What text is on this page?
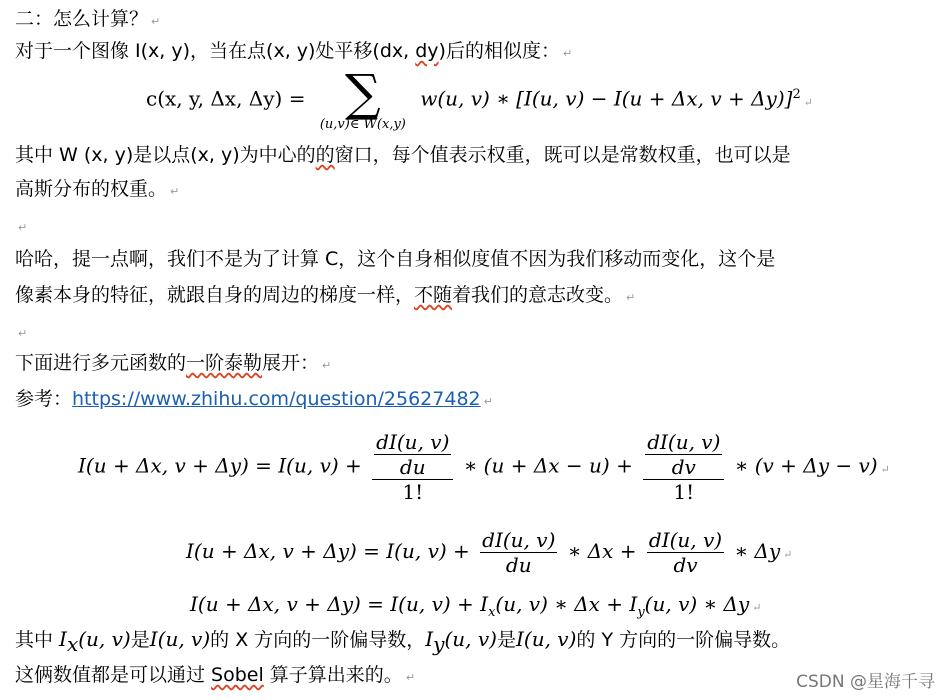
二：怎么计算？ ↵
对于一个图像 I(x, y)，当在点(x, y)处平移(dx, dy)后的相似度： ↵
c(x, y, Δx, Δy) = ∑
(u,v)∈ W(x,y)
w(u, v) ∗ [I(u, v) − I(u + Δx, v + Δy)]$^2$↵
其中 W (x, y)是以点(x, y)为中心的的窗口，每个值表示权重，既可以是常数权重，也可以是
高斯分布的权重。 ↵
↵
哈哈，提一点啊，我们不是为了计算 C，这个自身相似度值不因为我们移动而变化，这个是
像素本身的特征，就跟自身的周边的梯度一样，不随着我们的意志改变。 ↵
↵
下面进行多元函数的一阶泰勒展开： ↵
参考：https://www.zhihu.com/question/25627482 ↵
I(u + Δx, v + Δy) = I(u, $v) + \frac{\frac{dI(u, v)}{du}}{1!}$ ∗ $(u + \Delta x - u) + \frac{\frac{dI(u, v)}{dv}}{1!}$ ∗ (v + Δy − v) ↵
I(u + Δx, v + Δy) = I(u, $v) + \frac{dI(u, v)}{du}$ ∗ $\Delta x + \frac{dI(u, v)}{dv}$ ∗ Δy ↵
I(u + Δx, v + Δy) = I(u, $v) + I_x(u$, v) ∗ $\Delta x + I_y(u$, v) ∗ Δy ↵
其中 $I_x(u$, v)是I(u, v)的 X 方向的一阶偏导数，$I_y(u$, v)是I(u, v)的 Y 方向的一阶偏导数。
这俩数值都是可以通过 Sobel 算子算出来的。 ↵	CSDN @星海千寻
